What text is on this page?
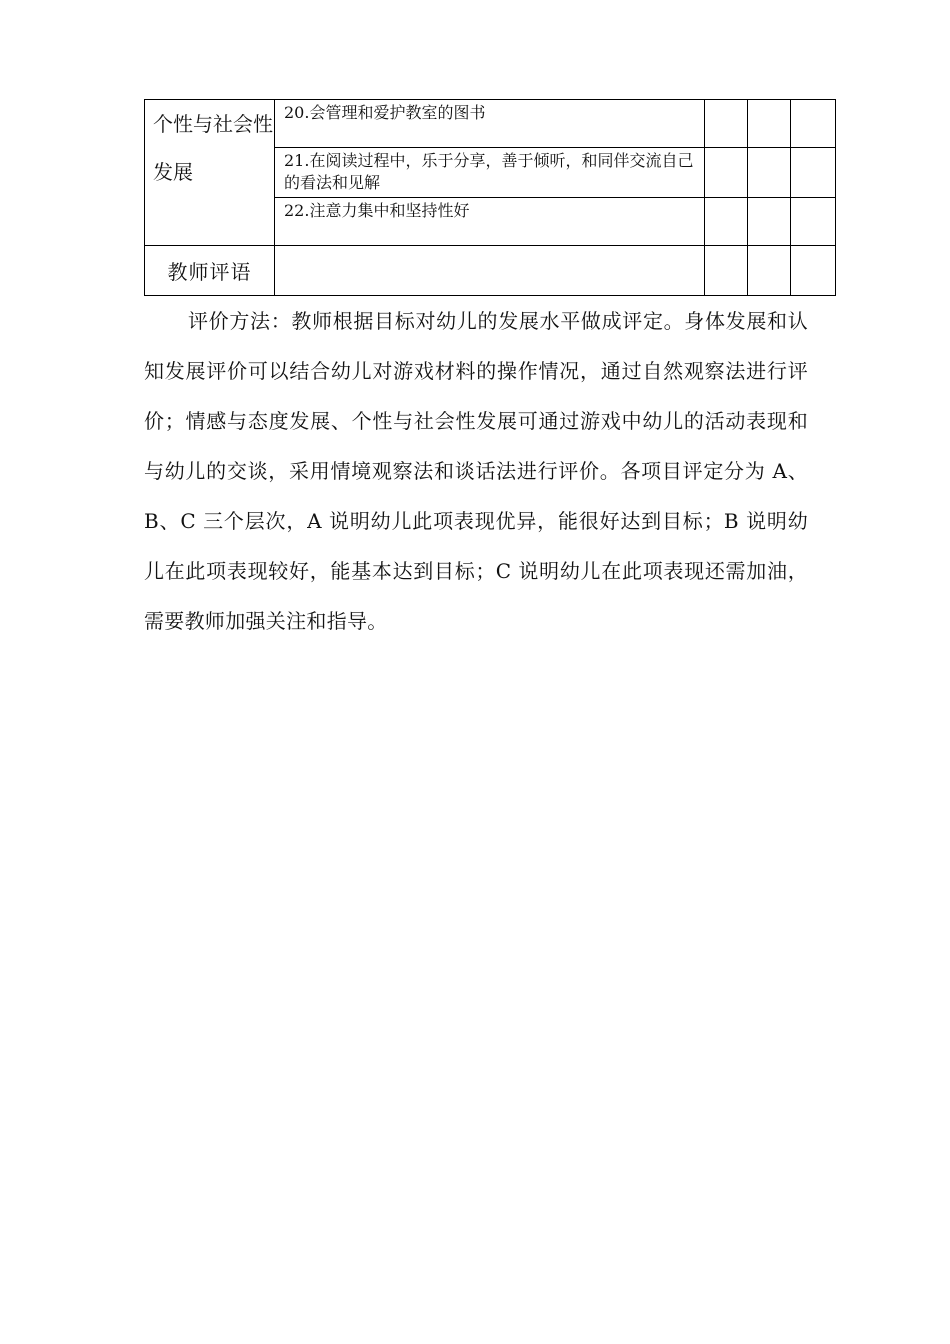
个性与社会性发展	20.会管理和爱护教室的图书			
	21.在阅读过程中，乐于分享，善于倾听，和同伴交流自己的看法和见解			
	22.注意力集中和坚持性好			
教师评语				

评价方法：教师根据目标对幼儿的发展水平做成评定。身体发展和认知发展评价可以结合幼儿对游戏材料的操作情况，通过自然观察法进行评价；情感与态度发展、个性与社会性发展可通过游戏中幼儿的活动表现和与幼儿的交谈，采用情境观察法和谈话法进行评价。各项目评定分为 A、B、C 三个层次，A 说明幼儿此项表现优异，能很好达到目标；B 说明幼儿在此项表现较好，能基本达到目标；C 说明幼儿在此项表现还需加油，需要教师加强关注和指导。
